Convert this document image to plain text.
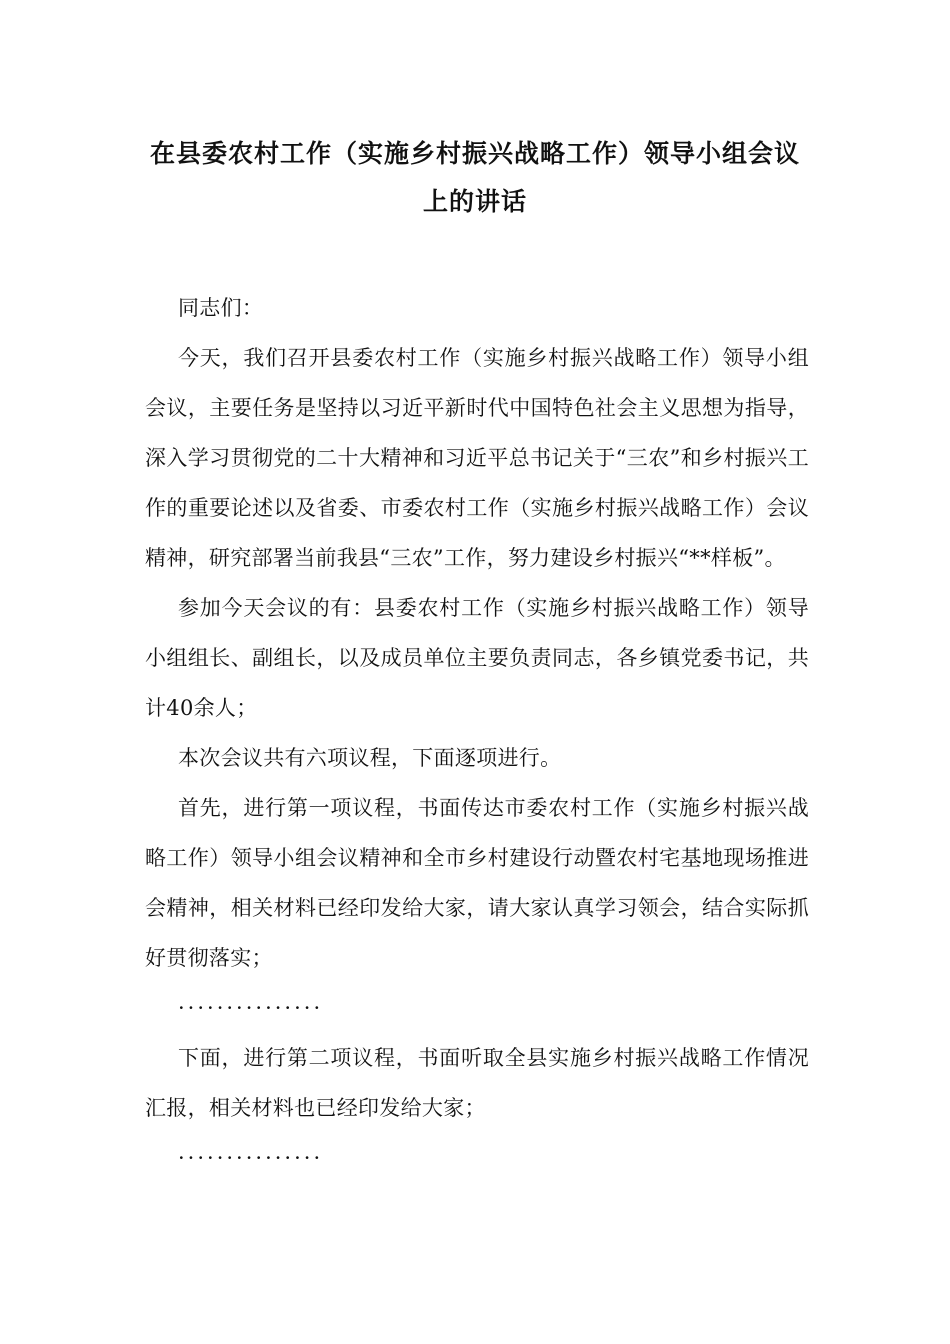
在县委农村工作（实施乡村振兴战略工作）领导小组会议
上的讲话

同志们：

今天，我们召开县委农村工作（实施乡村振兴战略工作）领导小组会议，主要任务是坚持以习近平新时代中国特色社会主义思想为指导，深入学习贯彻党的二十大精神和习近平总书记关于“三农”和乡村振兴工作的重要论述以及省委、市委农村工作（实施乡村振兴战略工作）会议精神，研究部署当前我县“三农”工作，努力建设乡村振兴“**样板”。

参加今天会议的有：县委农村工作（实施乡村振兴战略工作）领导小组组长、副组长，以及成员单位主要负责同志，各乡镇党委书记，共计40余人；

本次会议共有六项议程，下面逐项进行。

首先，进行第一项议程，书面传达市委农村工作（实施乡村振兴战略工作）领导小组会议精神和全市乡村建设行动暨农村宅基地现场推进会精神，相关材料已经印发给大家，请大家认真学习领会，结合实际抓好贯彻落实；

···············

下面，进行第二项议程，书面听取全县实施乡村振兴战略工作情况汇报，相关材料也已经印发给大家；

···············
